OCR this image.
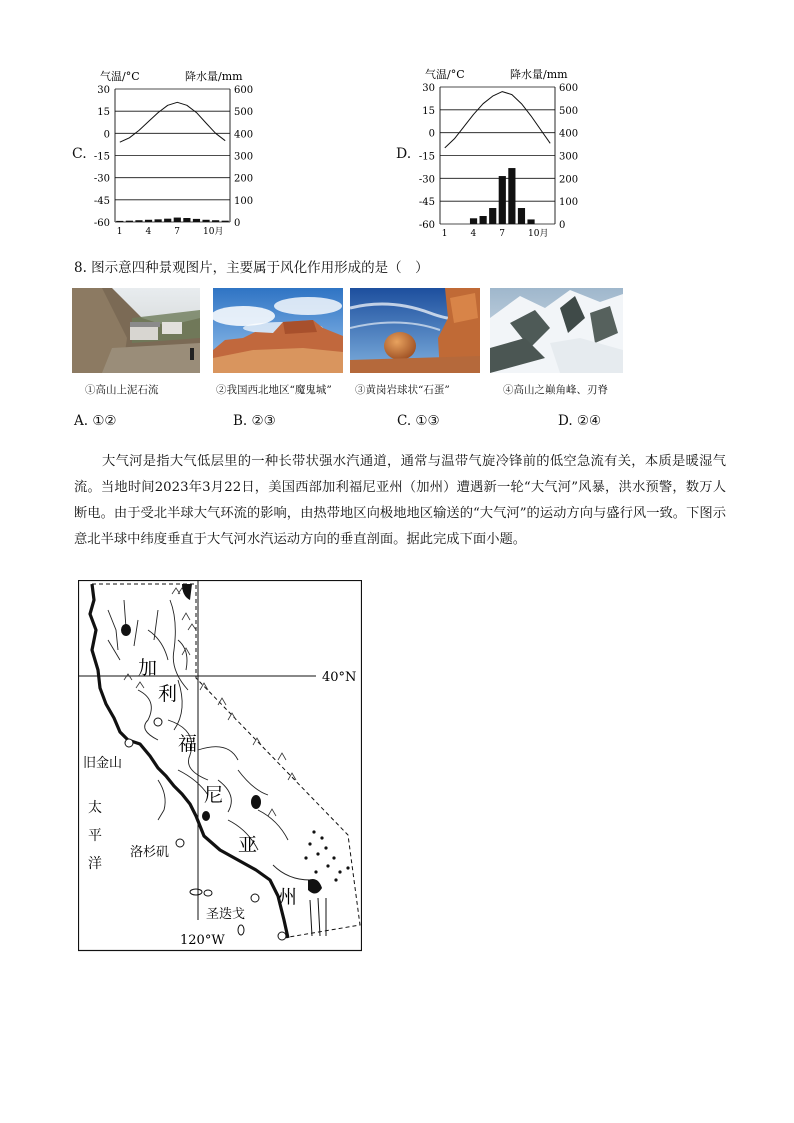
气温/°C	降水量/mm
30	600
15	500
0	400
-15	300
-30	200
-45	100
-60	0
1	4	7	10月
C.
气温/°C	降水量/mm
30	600
15	500
0	400
-15	300
-30	200
-45	100
-60	0
1	4	7	10月
D.
8. 图示意四种景观图片，主要属于风化作用形成的是（　）
①高山上泥石流	②我国西北地区“魔鬼城” ③黄岗岩球状“石蛋”	④高山之巅角峰、刃脊
A. ①②	B. ②③	C. ①③	D. ②④
大气河是指大气低层里的一种长带状强水汽通道，通常与温带气旋冷锋前的低空急流有关，本质是暖湿气流。当地时间2023年3月22日，美国西部加利福尼亚州（加州）遭遇新一轮“大气河”风暴，洪水预警，数万人断电。由于受北半球大气环流的影响，由热带地区向极地地区输送的“大气河”的运动方向与盛行风一致。下图示意北半球中纬度垂直于大气河水汽运动方向的垂直剖面。据此完成下面小题。
40°N
120°W
加
利
福
尼
亚
州
旧金山
洛杉矶
圣迭戈
太
平
洋
